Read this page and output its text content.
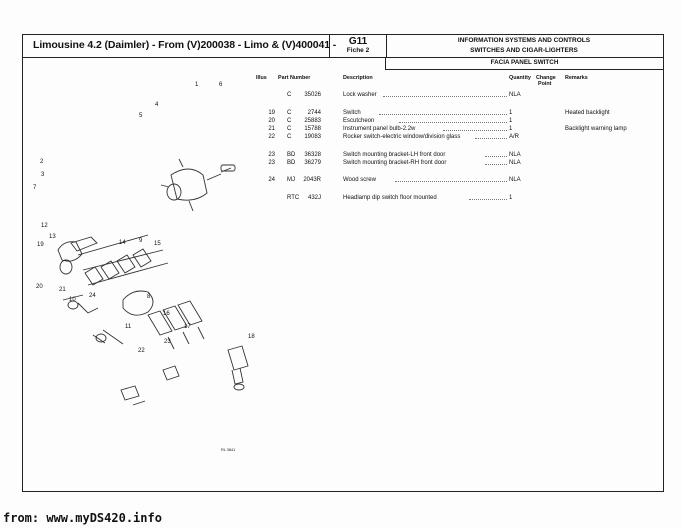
Limousine 4.2 (Daimler) - From (V)200038 - Limo & (V)400041 -	G11
Fiche 2
INFORMATION SYSTEMS AND CONTROLS
SWITCHES AND CIGAR-LIGHTERS
FACIA PANEL SWITCH
Illus Part Number	Description	Quantity Change
Point
Remarks
C	35026	Lock washer	NLA
19 C	2744	Switch	1	Heated backlight
20 C	25883	Escutcheon	1
21 C	15788	Instrument panel bulb-2.2w	1	Backlight warning lamp
22 C	19083	Rocker switch-electric window/division glass	A/R
23 BD	36328	Switch mounting bracket-LH front door	NLA
23 BD	36279	Switch mounting bracket-RH front door	NLA
24 MJ	2043R	Wood screw	NLA
RTC	432J	Headlamp dip switch floor mounted	1
1	6
4
5
2
3
7
12
13
19	14 9 15
20	21
10
24	8
11
16
17
18
23
22
RL 3841
from: www.myDS420.info
